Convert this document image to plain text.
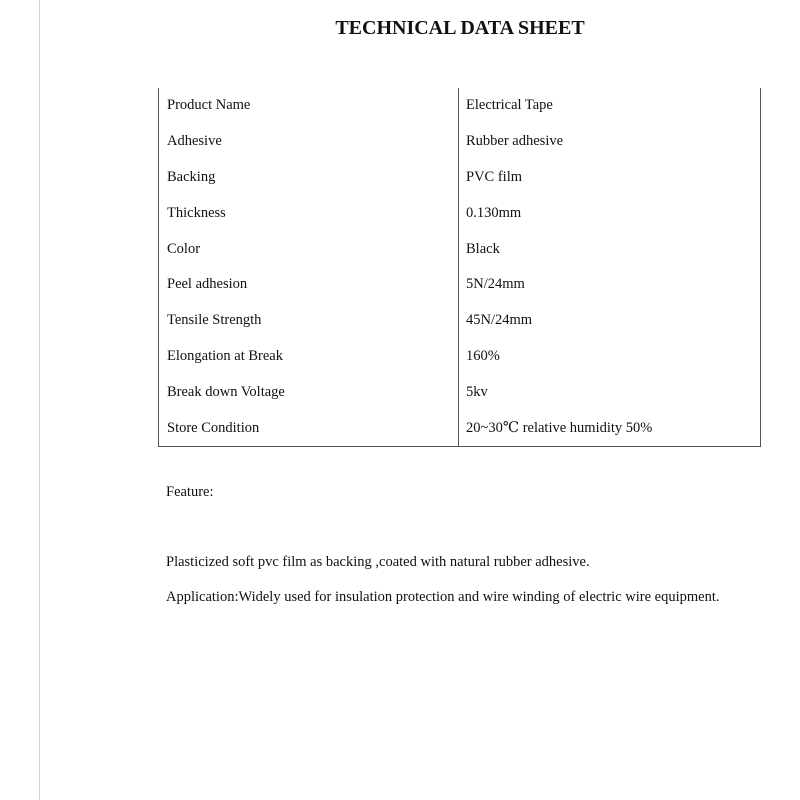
TECHNICAL DATA SHEET
Product Name	Electrical Tape
Adhesive	Rubber adhesive
Backing	PVC film
Thickness	0.130mm
Color	Black
Peel adhesion	5N/24mm
Tensile Strength	45N/24mm
Elongation at Break	160%
Break down Voltage	5kv
Store Condition	20~30℃ relative humidity 50%
Feature:
Plasticized soft pvc film as backing ,coated with natural rubber adhesive.
Application:Widely used for insulation protection and wire winding of electric wire equipment.
